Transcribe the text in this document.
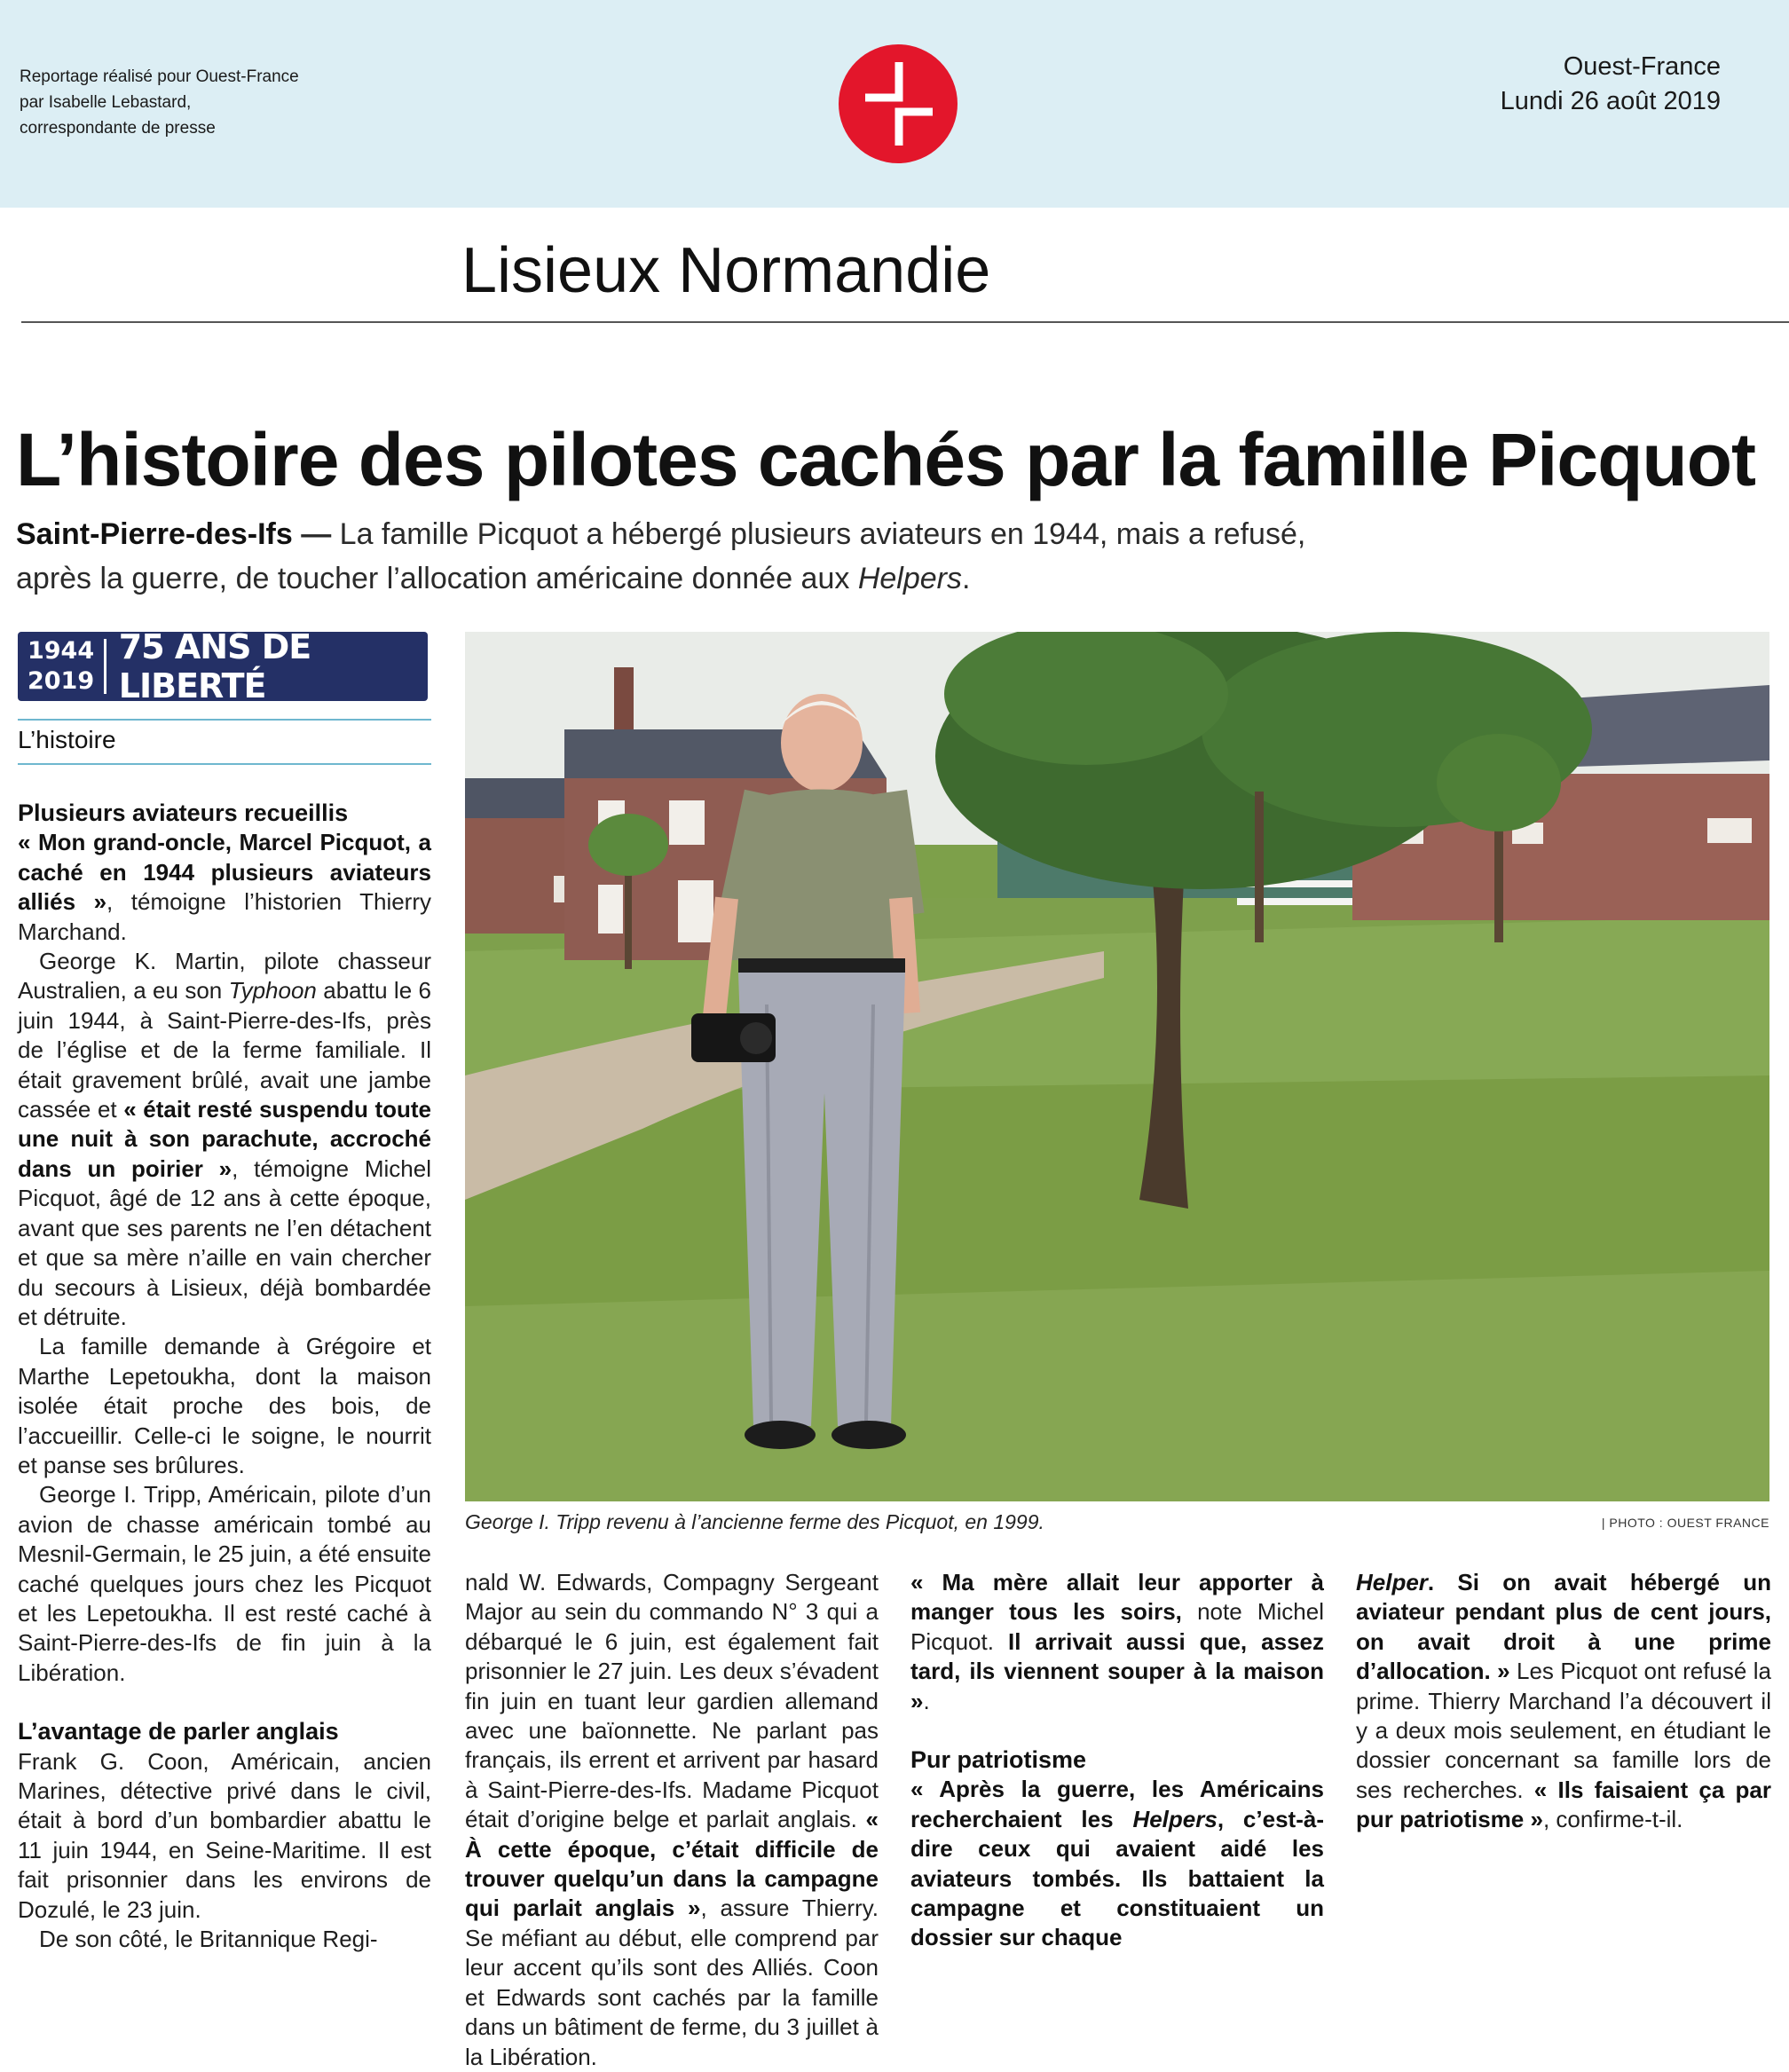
Reportage réalisé pour Ouest-France
par Isabelle Lebastard,
correspondante de presse
Ouest-France
Lundi 26 août 2019
Lisieux Normandie
L’histoire des pilotes cachés par la famille Picquot
Saint-Pierre-des-Ifs — La famille Picquot a hébergé plusieurs aviateurs en 1944, mais a refusé, après la guerre, de toucher l’allocation américaine donnée aux Helpers.
1944
2019
75 ANS DE LIBERTÉ
L’histoire
George I. Tripp revenu à l’ancienne ferme des Picquot, en 1999.	| PHOTO : OUEST FRANCE
Plusieurs aviateurs recueillis

« Mon grand-oncle, Marcel Picquot, a caché en 1944 plusieurs aviateurs alliés », témoigne l’historien Thierry Marchand.

George K. Martin, pilote chasseur Australien, a eu son Typhoon abattu le 6 juin 1944, à Saint-Pierre-des-Ifs, près de l’église et de la ferme familiale. Il était gravement brûlé, avait une jambe cassée et « était resté suspendu toute une nuit à son parachute, accroché dans un poirier », témoigne Michel Picquot, âgé de 12 ans à cette époque, avant que ses parents ne l’en détachent et que sa mère n’aille en vain chercher du secours à Lisieux, déjà bombardée et détruite.

La famille demande à Grégoire et Marthe Lepetoukha, dont la maison isolée était proche des bois, de l’accueillir. Celle-ci le soigne, le nourrit et panse ses brûlures.

George I. Tripp, Américain, pilote d’un avion de chasse américain tombé au Mesnil-Germain, le 25 juin, a été ensuite caché quelques jours chez les Picquot et les Lepetoukha. Il est resté caché à Saint-Pierre-des-Ifs de fin juin à la Libération.

L’avantage de parler anglais

Frank G. Coon, Américain, ancien Marines, détective privé dans le civil, était à bord d’un bombardier abattu le 11 juin 1944, en Seine-Maritime. Il est fait prisonnier dans les environs de Dozulé, le 23 juin.

De son côté, le Britannique Regi-

nald W. Edwards, Compagny Sergeant Major au sein du commando N° 3 qui a débarqué le 6 juin, est également fait prisonnier le 27 juin. Les deux s’évadent fin juin en tuant leur gardien allemand avec une baïonnette. Ne parlant pas français, ils errent et arrivent par hasard à Saint-Pierre-des-Ifs. Madame Picquot était d’origine belge et parlait anglais. « À cette époque, c’était difficile de trouver quelqu’un dans la campagne qui parlait anglais », assure Thierry. Se méfiant au début, elle comprend par leur accent qu’ils sont des Alliés. Coon et Edwards sont cachés par la famille dans un bâtiment de ferme, du 3 juillet à la Libération.

« Ma mère allait leur apporter à manger tous les soirs, note Michel Picquot. Il arrivait aussi que, assez tard, ils viennent souper à la maison ».

Pur patriotisme

« Après la guerre, les Américains recherchaient les Helpers, c’est-à-dire ceux qui avaient aidé les aviateurs tombés. Ils battaient la campagne et constituaient un dossier sur chaque

Helper. Si on avait hébergé un aviateur pendant plus de cent jours, on avait droit à une prime d’allocation. » Les Picquot ont refusé la prime. Thierry Marchand l’a découvert il y a deux mois seulement, en étudiant le dossier concernant sa famille lors de ses recherches. « Ils faisaient ça par pur patriotisme », confirme-t-il.
